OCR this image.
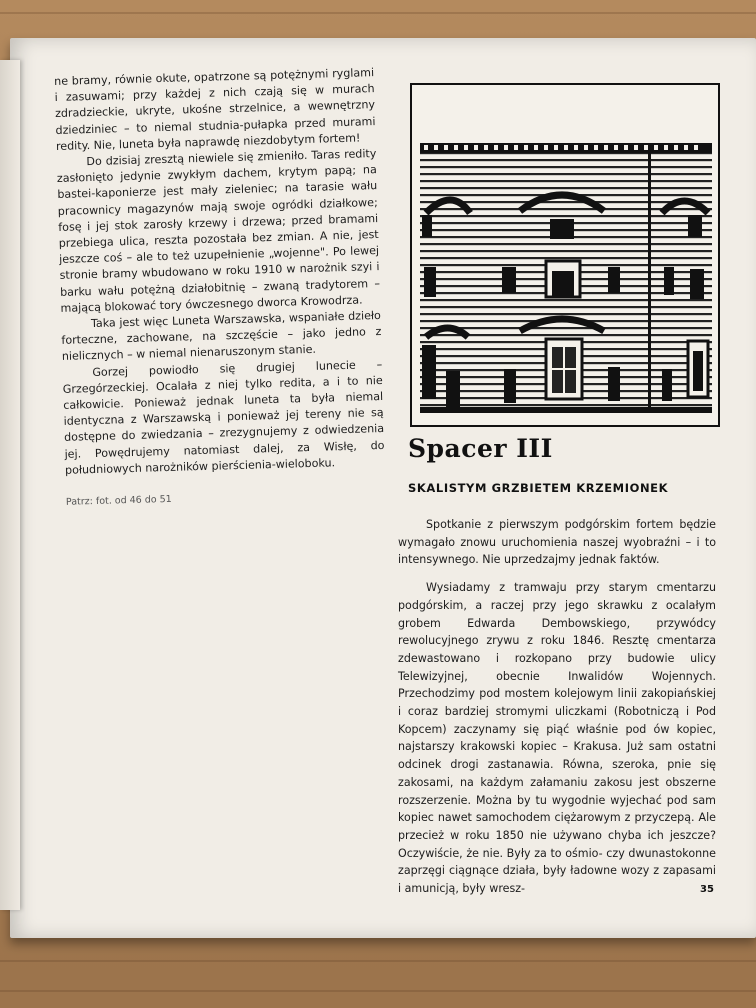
ne bramy, równie okute, opatrzone są potężnymi ryglami i zasuwami; przy każdej z nich czają się w murach zdradzieckie, ukryte, ukośne strzelnice, a wewnętrzny dziedziniec – to niemal studnia-pułapka przed murami redity. Nie, luneta była naprawdę niezdobytym fortem!

Do dzisiaj zresztą niewiele się zmieniło. Taras redity zasłonięto jedynie zwykłym dachem, krytym papą; na bastei-kaponierze jest mały zieleniec; na tarasie wału pracownicy magazynów mają swoje ogródki działkowe; fosę i jej stok zarosły krzewy i drzewa; przed bramami przebiega ulica, reszta pozostała bez zmian. A nie, jest jeszcze coś – ale to też uzupełnienie „wojenne". Po lewej stronie bramy wbudowano w roku 1910 w narożnik szyi i barku wału potężną działobitnię – zwaną tradytorem – mającą blokować tory ówczesnego dworca Krowodrza.

Taka jest więc Luneta Warszawska, wspaniałe dzieło forteczne, zachowane, na szczęście – jako jedno z nielicznych – w niemal nienaruszonym stanie.

Gorzej powiodło się drugiej lunecie – Grzegórzeckiej. Ocalała z niej tylko redita, a i to nie całkowicie. Ponieważ jednak luneta ta była niemal identyczna z Warszawską i ponieważ jej tereny nie są dostępne do zwiedzania – zrezygnujemy z odwiedzenia jej. Powędrujemy natomiast dalej, za Wisłę, do południowych narożników pierścienia-wieloboku.

Patrz: fot. od 46 do 51

Spacer III
SKALISTYM GRZBIETEM KRZEMIONEK

Spotkanie z pierwszym podgórskim fortem będzie wymagało znowu uruchomienia naszej wyobraźni – i to intensywnego. Nie uprzedzajmy jednak faktów.

Wysiadamy z tramwaju przy starym cmentarzu podgórskim, a raczej przy jego skrawku z ocalałym grobem Edwarda Dembowskiego, przywódcy rewolucyjnego zrywu z roku 1846. Resztę cmentarza zdewastowano i rozkopano przy budowie ulicy Telewizyjnej, obecnie Inwalidów Wojennych. Przechodzimy pod mostem kolejowym linii zakopiańskiej i coraz bardziej stromymi uliczkami (Robotniczą i Pod Kopcem) zaczynamy się piąć właśnie pod ów kopiec, najstarszy krakowski kopiec – Krakusa. Już sam ostatni odcinek drogi zastanawia. Równa, szeroka, pnie się zakosami, na każdym załamaniu zakosu jest obszerne rozszerzenie. Można by tu wygodnie wyjechać pod sam kopiec nawet samochodem ciężarowym z przyczepą. Ale przecież w roku 1850 nie używano chyba ich jeszcze? Oczywiście, że nie. Były za to ośmio- czy dwunastokonne zaprzęgi ciągnące działa, były ładowne wozy z zapasami i amunicją, były wresz-	35
